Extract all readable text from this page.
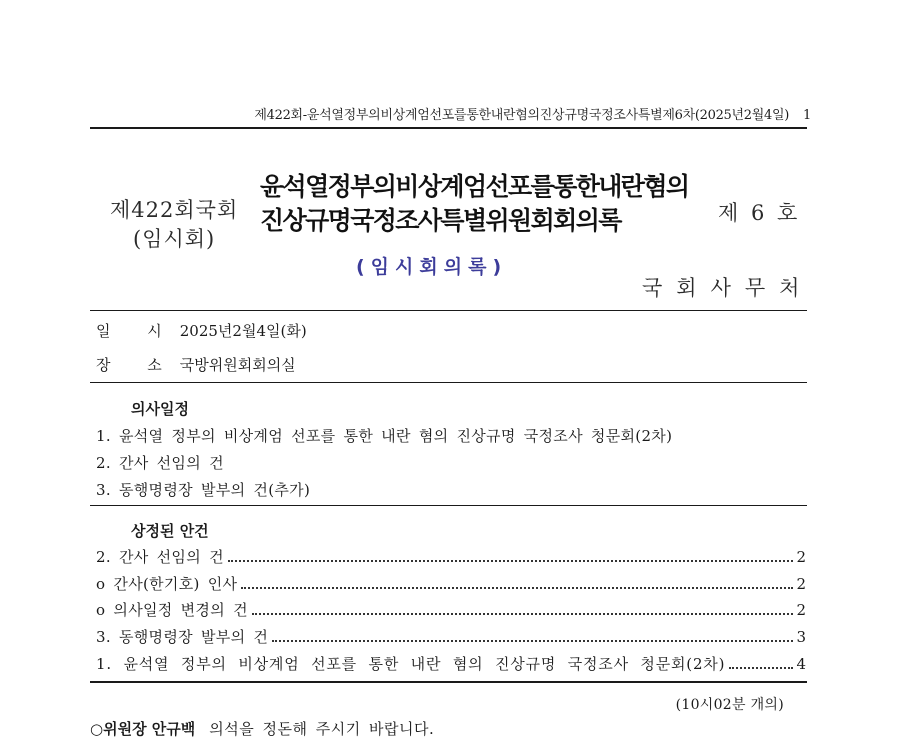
제422회-윤석열정부의비상계엄선포를통한내란혐의진상규명국정조사특별제6차(2025년2월4일) 1
제422회국회
(임시회)
윤석열정부의비상계엄선포를통한내란혐의
진상규명국정조사특별위원회회의록	제 6 호
(임시회의록)
국회사무처
일 시 2025년2월4일(화)
장 소 국방위원회회의실
의사일정
1. 윤석열 정부의 비상계엄 선포를 통한 내란 혐의 진상규명 국정조사 청문회(2차)
2. 간사 선임의 건
3. 동행명령장 발부의 건(추가)
상정된 안건
2. 간사 선임의 건	2
o 간사(한기호) 인사	2
o 의사일정 변경의 건	2
3. 동행명령장 발부의 건	3
1. 윤석열 정부의 비상계엄 선포를 통한 내란 혐의 진상규명 국정조사 청문회(2차)	4
(10시02분 개의)
○위원장 안규백 의석을 정돈해 주시기 바랍니다.
